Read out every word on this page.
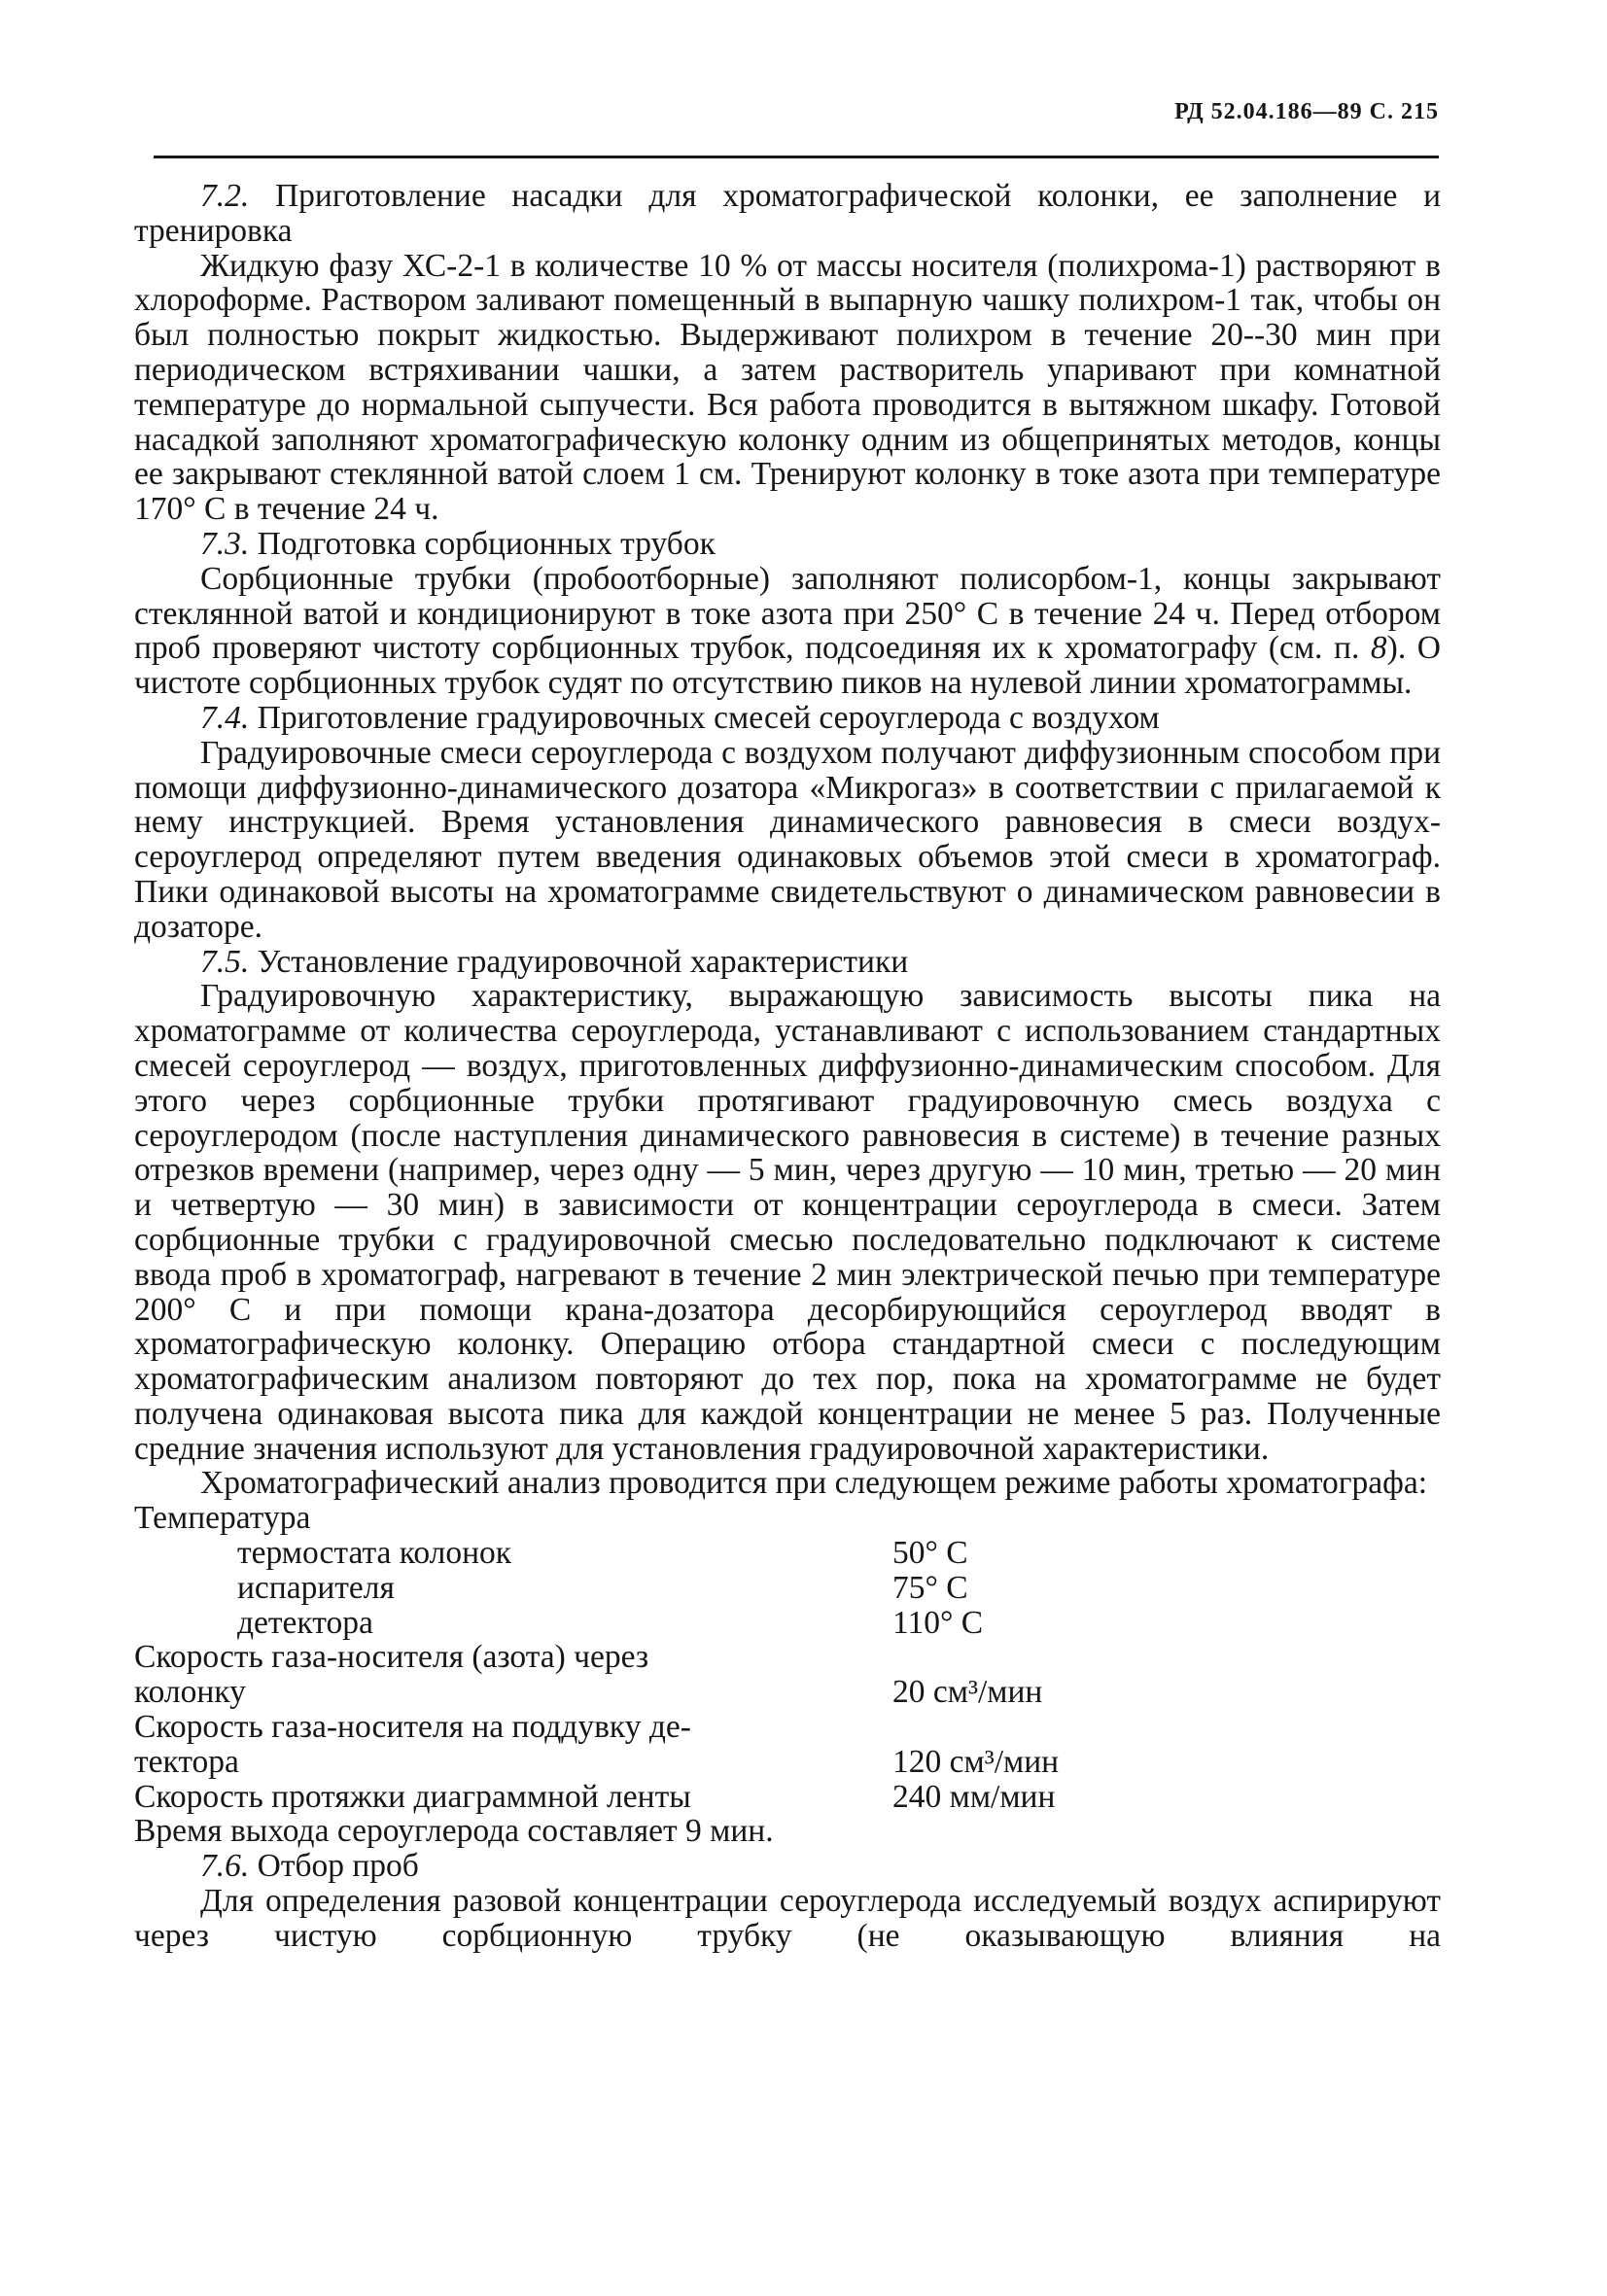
РД 52.04.186—89 С. 215

7.2. Приготовление насадки для хроматографической колонки, ее заполнение и тренировка

Жидкую фазу ХС-2-1 в количестве 10 % от массы носителя (полихрома-1) растворяют в хлороформе. Раствором заливают помещенный в выпарную чашку полихром-1 так, чтобы он был полностью покрыт жидкостью. Выдерживают полихром в течение 20--30 мин при периодическом встряхивании чашки, а затем растворитель упаривают при комнатной температуре до нормальной сыпучести. Вся работа проводится в вытяжном шкафу. Готовой насадкой заполняют хроматографическую колонку одним из общепринятых методов, концы ее закрывают стеклянной ватой слоем 1 см. Тренируют колонку в токе азота при температуре 170° С в течение 24 ч.

7.3. Подготовка сорбционных трубок

Сорбционные трубки (пробоотборные) заполняют полисорбом-1, концы закрывают стеклянной ватой и кондиционируют в токе азота при 250° С в течение 24 ч. Перед отбором проб проверяют чистоту сорбционных трубок, подсоединяя их к хроматографу (см. п. 8). О чистоте сорбционных трубок судят по отсутствию пиков на нулевой линии хроматограммы.

7.4. Приготовление градуировочных смесей сероуглерода с воздухом

Градуировочные смеси сероуглерода с воздухом получают диффузионным способом при помощи диффузионно-динамического дозатора «Микрогаз» в соответствии с прилагаемой к нему инструкцией. Время установления динамического равновесия в смеси воздух-сероуглерод определяют путем введения одинаковых объемов этой смеси в хроматограф. Пики одинаковой высоты на хроматограмме свидетельствуют о динамическом равновесии в дозаторе.

7.5. Установление градуировочной характеристики

Градуировочную характеристику, выражающую зависимость высоты пика на хроматограмме от количества сероуглерода, устанавливают с использованием стандартных смесей сероуглерод — воздух, приготовленных диффузионно-динамическим способом. Для этого через сорбционные трубки протягивают градуировочную смесь воздуха с сероуглеродом (после наступления динамического равновесия в системе) в течение разных отрезков времени (например, через одну — 5 мин, через другую — 10 мин, третью — 20 мин и четвертую — 30 мин) в зависимости от концентрации сероуглерода в смеси. Затем сорбционные трубки с градуировочной смесью последовательно подключают к системе ввода проб в хроматограф, нагревают в течение 2 мин электрической печью при температуре 200° С и при помощи крана-дозатора десорбирующийся сероуглерод вводят в хроматографическую колонку. Операцию отбора стандартной смеси с последующим хроматографическим анализом повторяют до тех пор, пока на хроматограмме не будет получена одинаковая высота пика для каждой концентрации не менее 5 раз. Полученные средние значения используют для установления градуировочной характеристики.

Хроматографический анализ проводится при следующем режиме работы хроматографа:

Температура
термостата колонок	50° С
испарителя	75° С
детектора	110° С
Скорость газа-носителя (азота) через
колонку	20 см³/мин
Скорость газа-носителя на поддувку де-
тектора	120 см³/мин
Скорость протяжки диаграммной ленты	240 мм/мин

Время выхода сероуглерода составляет 9 мин.

7.6. Отбор проб

Для определения разовой концентрации сероуглерода исследуемый воздух аспирируют через чистую сорбционную трубку (не оказывающую влияния на
